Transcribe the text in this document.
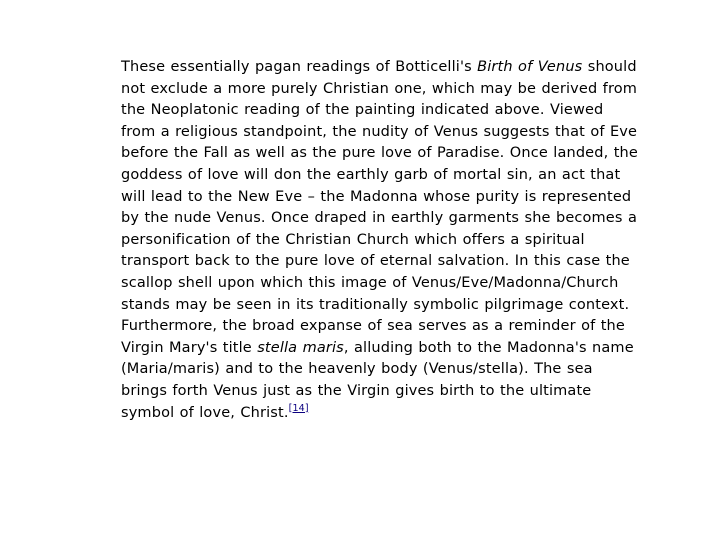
These essentially pagan readings of Botticelli's Birth of Venus should
not exclude a more purely Christian one, which may be derived from
the Neoplatonic reading of the painting indicated above. Viewed
from a religious standpoint, the nudity of Venus suggests that of Eve
before the Fall as well as the pure love of Paradise. Once landed, the
goddess of love will don the earthly garb of mortal sin, an act that
will lead to the New Eve – the Madonna whose purity is represented
by the nude Venus. Once draped in earthly garments she becomes a
personification of the Christian Church which offers a spiritual
transport back to the pure love of eternal salvation. In this case the
scallop shell upon which this image of Venus/Eve/Madonna/Church
stands may be seen in its traditionally symbolic pilgrimage context.
Furthermore, the broad expanse of sea serves as a reminder of the
Virgin Mary's title stella maris, alluding both to the Madonna's name
(Maria/maris) and to the heavenly body (Venus/stella). The sea
brings forth Venus just as the Virgin gives birth to the ultimate
symbol of love, Christ.[14]
